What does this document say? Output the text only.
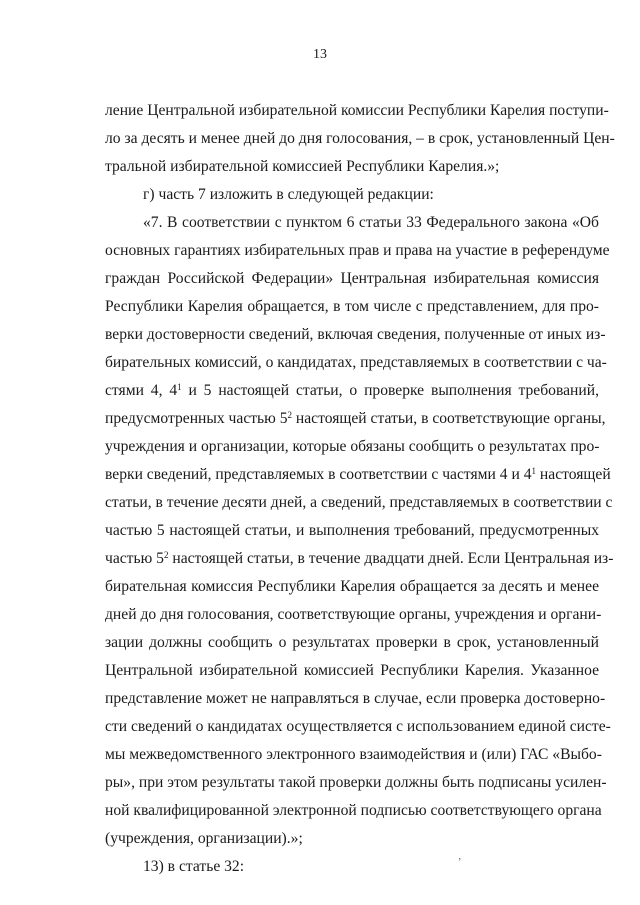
13
ление Центральной избирательной комиссии Республики Карелия поступи-
ло за десять и менее дней до дня голосования, – в срок, установленный Цен-
тральной избирательной комиссией Республики Карелия.»;
г) часть 7 изложить в следующей редакции:
«7. В соответствии с пунктом 6 статьи 33 Федерального закона «Об
основных гарантиях избирательных прав и права на участие в референдуме
граждан Российской Федерации» Центральная избирательная комиссия
Республики Карелия обращается, в том числе с представлением, для про-
верки достоверности сведений, включая сведения, полученные от иных из-
бирательных комиссий, о кандидатах, представляемых в соответствии с ча-
стями 4, $4^1$ и 5 настоящей статьи, о проверке выполнения требований,
предусмотренных частью $5^2$ настоящей статьи, в соответствующие органы,
учреждения и организации, которые обязаны сообщить о результатах про-
верки сведений, представляемых в соответствии с частями 4 и $4^1$ настоящей
статьи, в течение десяти дней, а сведений, представляемых в соответствии с
частью 5 настоящей статьи, и выполнения требований, предусмотренных
частью $5^2$ настоящей статьи, в течение двадцати дней. Если Центральная из-
бирательная комиссия Республики Карелия обращается за десять и менее
дней до дня голосования, соответствующие органы, учреждения и органи-
зации должны сообщить о результатах проверки в срок, установленный
Центральной избирательной комиссией Республики Карелия. Указанное
представление может не направляться в случае, если проверка достоверно-
сти сведений о кандидатах осуществляется с использованием единой систе-
мы межведомственного электронного взаимодействия и (или) ГАС «Выбо-
ры», при этом результаты такой проверки должны быть подписаны усилен-
ной квалифицированной электронной подписью соответствующего органа
(учреждения, организации).»;
13) в статье 32:	’
